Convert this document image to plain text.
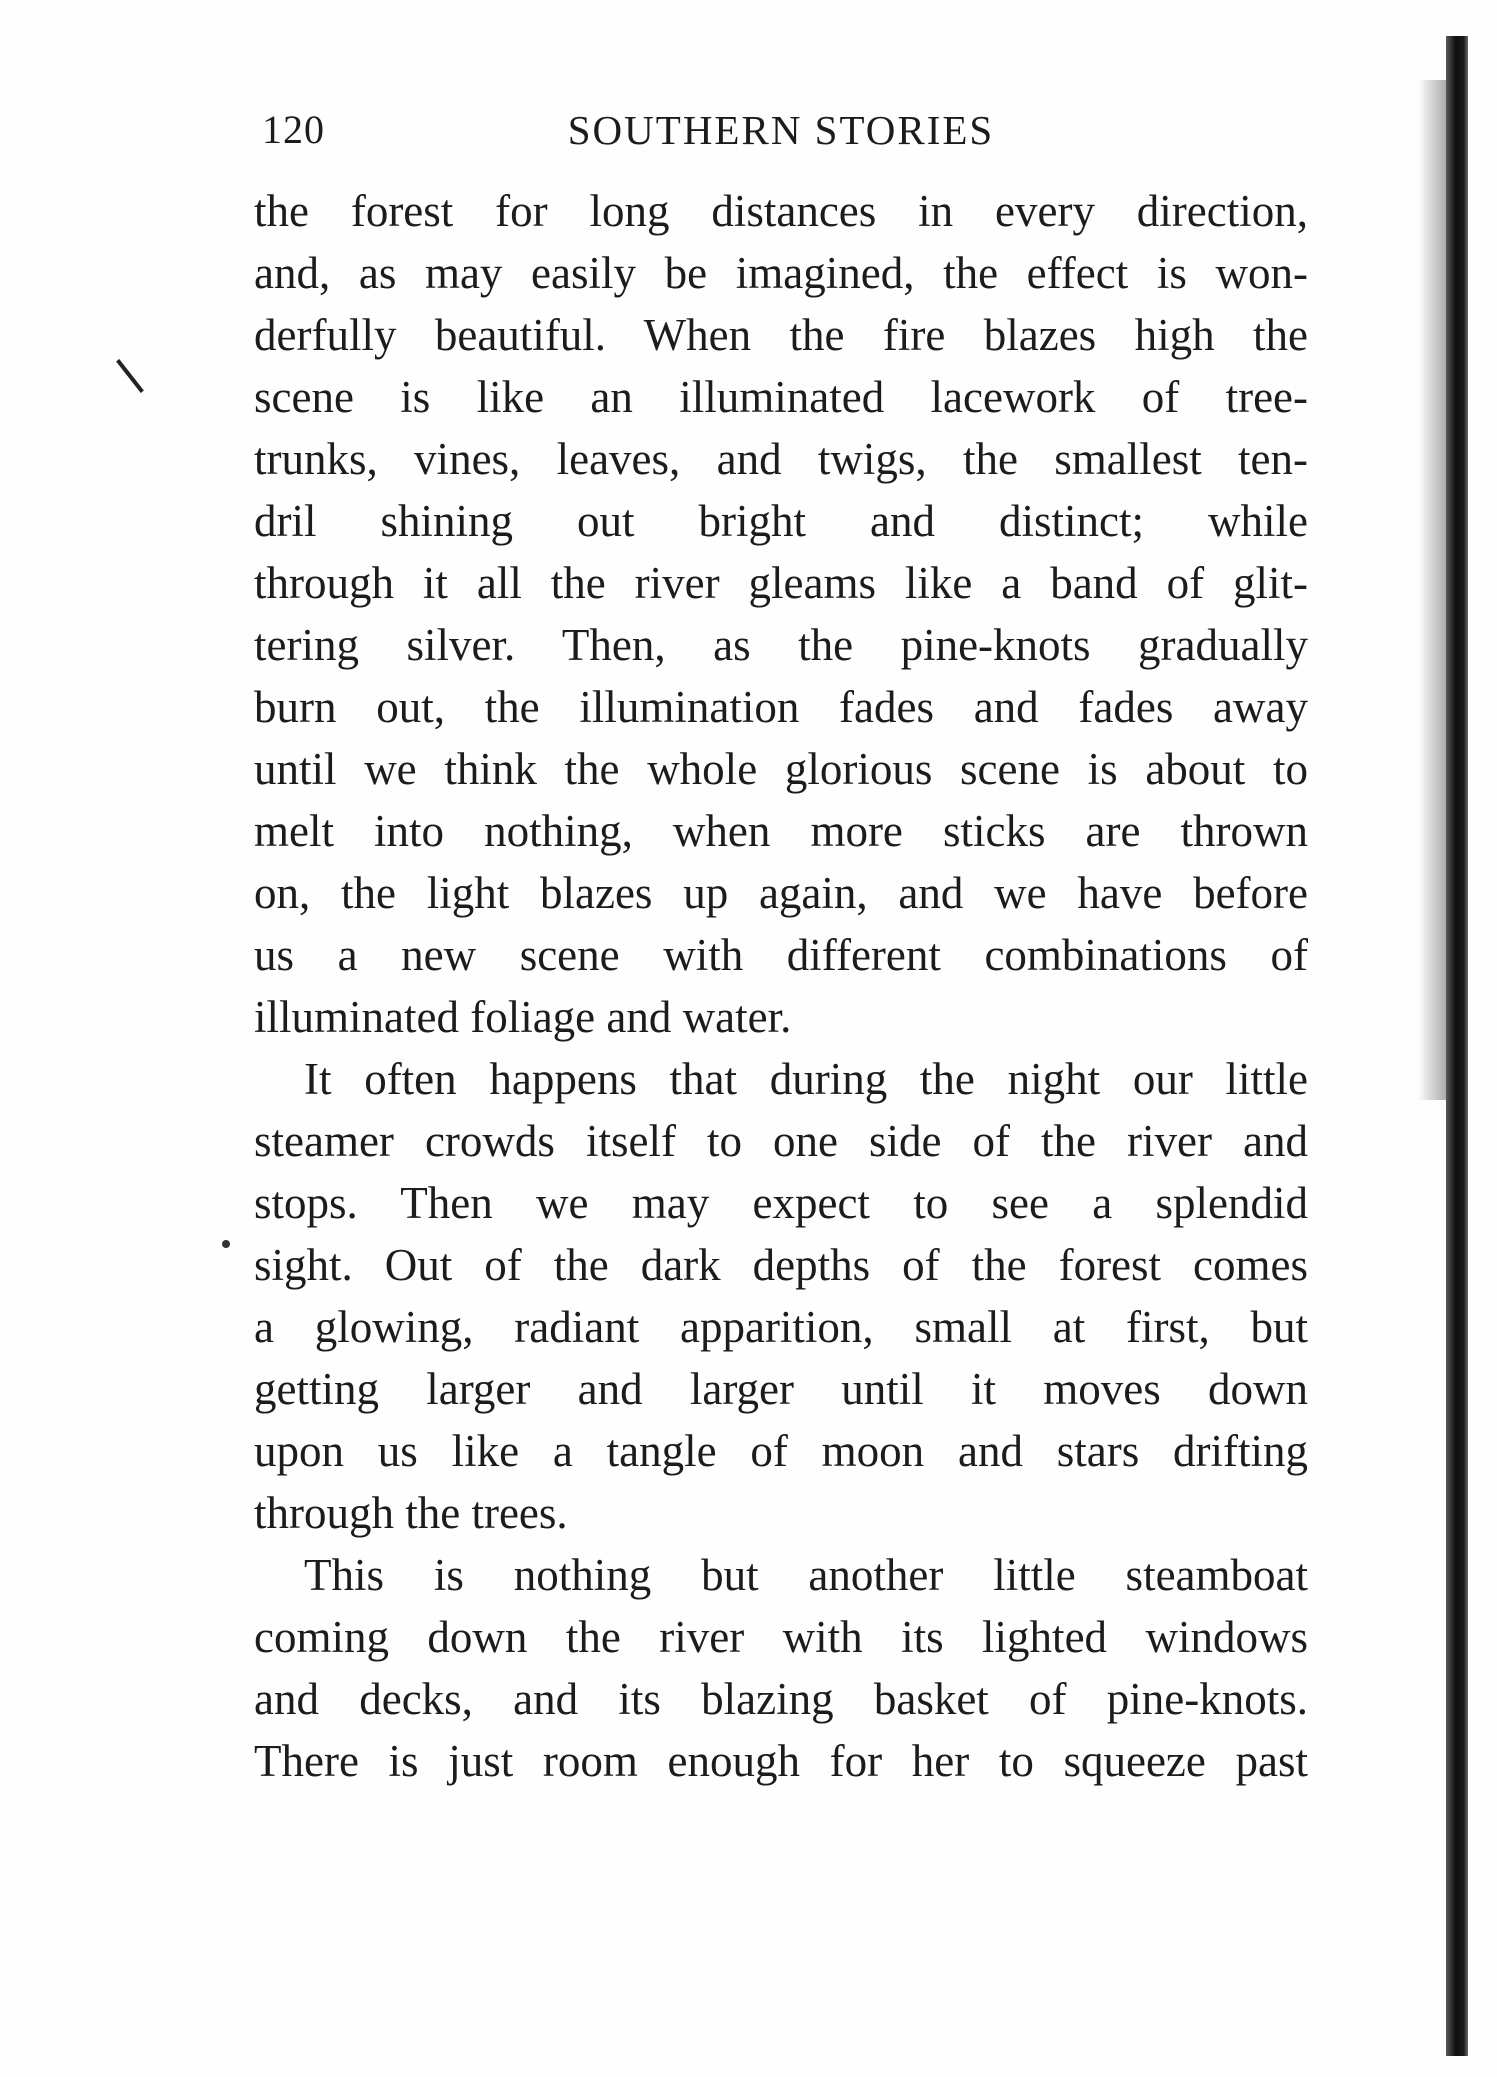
120	SOUTHERN STORIES
the forest for long distances in every direction,
and, as may easily be imagined, the effect is won-
derfully beautiful. When the fire blazes high the
scene is like an illuminated lacework of tree-
trunks, vines, leaves, and twigs, the smallest ten-
dril shining out bright and distinct; while
through it all the river gleams like a band of glit-
tering silver. Then, as the pine-knots gradually
burn out, the illumination fades and fades away
until we think the whole glorious scene is about to
melt into nothing, when more sticks are thrown
on, the light blazes up again, and we have before
us a new scene with different combinations of
illuminated foliage and water.
It often happens that during the night our little
steamer crowds itself to one side of the river and
stops. Then we may expect to see a splendid
sight. Out of the dark depths of the forest comes
a glowing, radiant apparition, small at first, but
getting larger and larger until it moves down
upon us like a tangle of moon and stars drifting
through the trees.
This is nothing but another little steamboat
coming down the river with its lighted windows
and decks, and its blazing basket of pine-knots.
There is just room enough for her to squeeze past
